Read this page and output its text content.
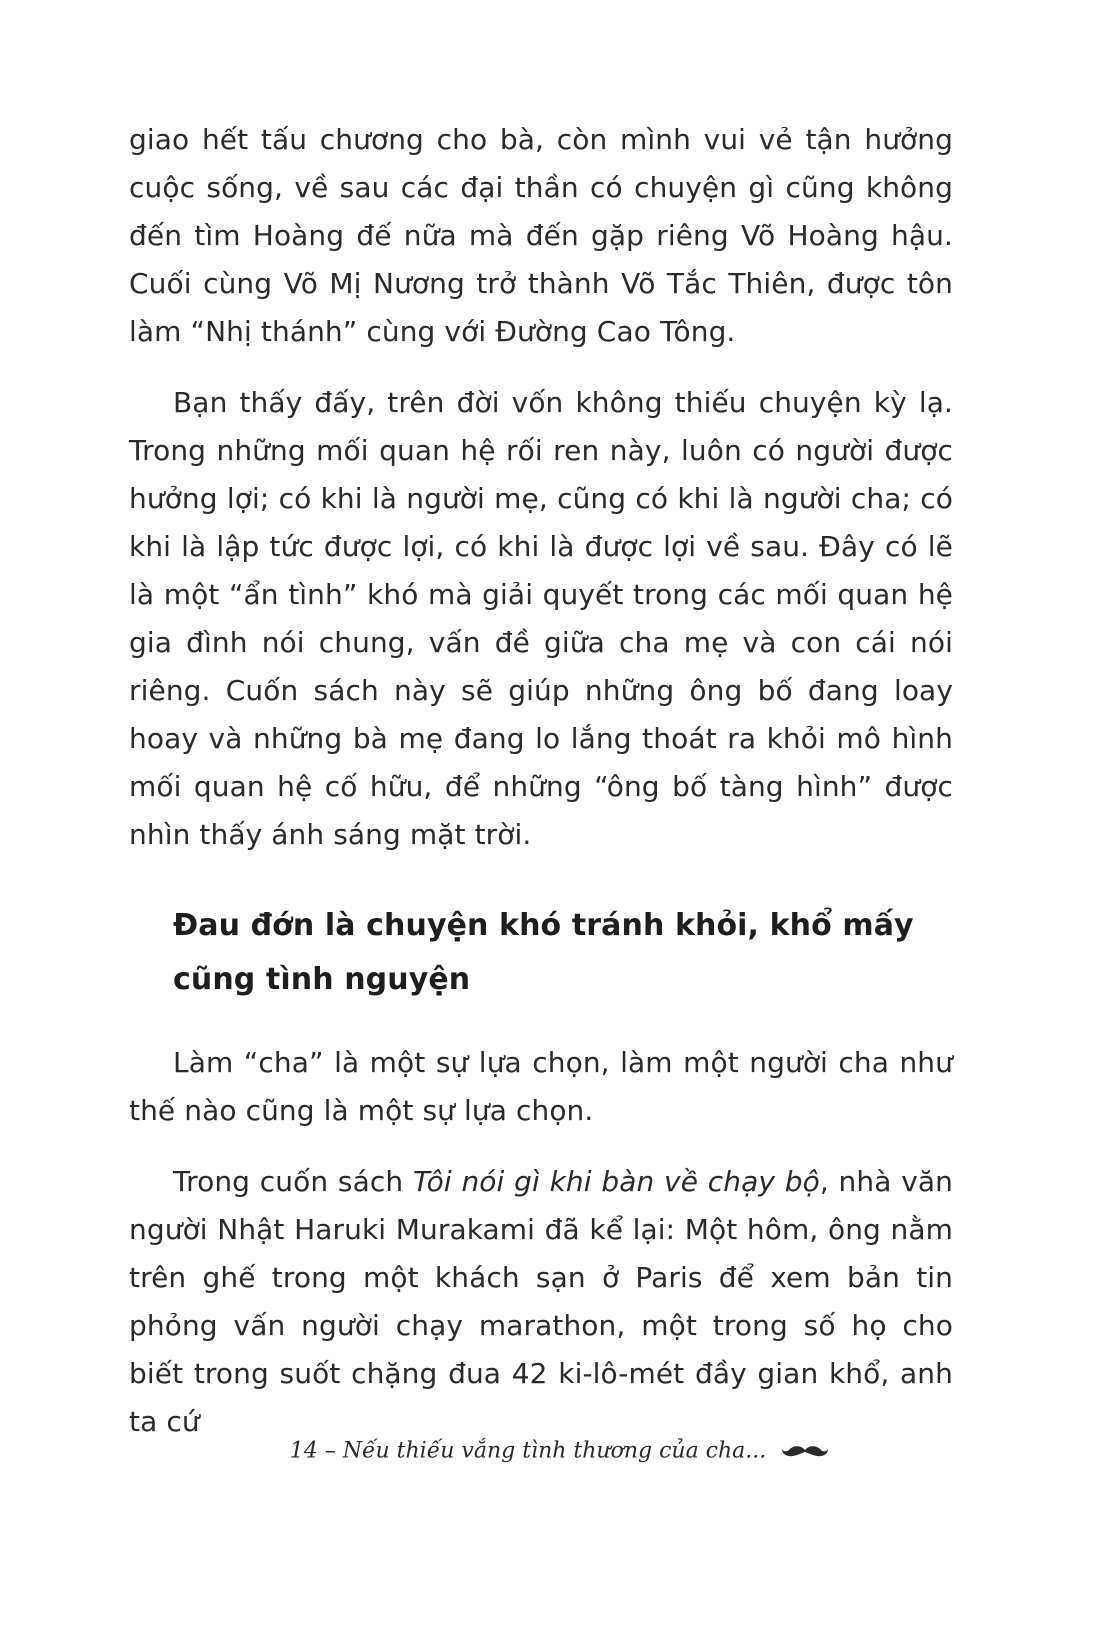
giao hết tấu chương cho bà, còn mình vui vẻ tận hưởng cuộc sống, về sau các đại thần có chuyện gì cũng không đến tìm Hoàng đế nữa mà đến gặp riêng Võ Hoàng hậu. Cuối cùng Võ Mị Nương trở thành Võ Tắc Thiên, được tôn làm “Nhị thánh” cùng với Đường Cao Tông.

Bạn thấy đấy, trên đời vốn không thiếu chuyện kỳ lạ. Trong những mối quan hệ rối ren này, luôn có người được hưởng lợi; có khi là người mẹ, cũng có khi là người cha; có khi là lập tức được lợi, có khi là được lợi về sau. Đây có lẽ là một “ẩn tình” khó mà giải quyết trong các mối quan hệ gia đình nói chung, vấn đề giữa cha mẹ và con cái nói riêng. Cuốn sách này sẽ giúp những ông bố đang loay hoay và những bà mẹ đang lo lắng thoát ra khỏi mô hình mối quan hệ cố hữu, để những “ông bố tàng hình” được nhìn thấy ánh sáng mặt trời.

Đau đớn là chuyện khó tránh khỏi, khổ mấy cũng tình nguyện

Làm “cha” là một sự lựa chọn, làm một người cha như thế nào cũng là một sự lựa chọn.

Trong cuốn sách Tôi nói gì khi bàn về chạy bộ, nhà văn người Nhật Haruki Murakami đã kể lại: Một hôm, ông nằm trên ghế trong một khách sạn ở Paris để xem bản tin phỏng vấn người chạy marathon, một trong số họ cho biết trong suốt chặng đua 42 ki-lô-mét đầy gian khổ, anh ta cứ

14 – Nếu thiếu vắng tình thương của cha...
